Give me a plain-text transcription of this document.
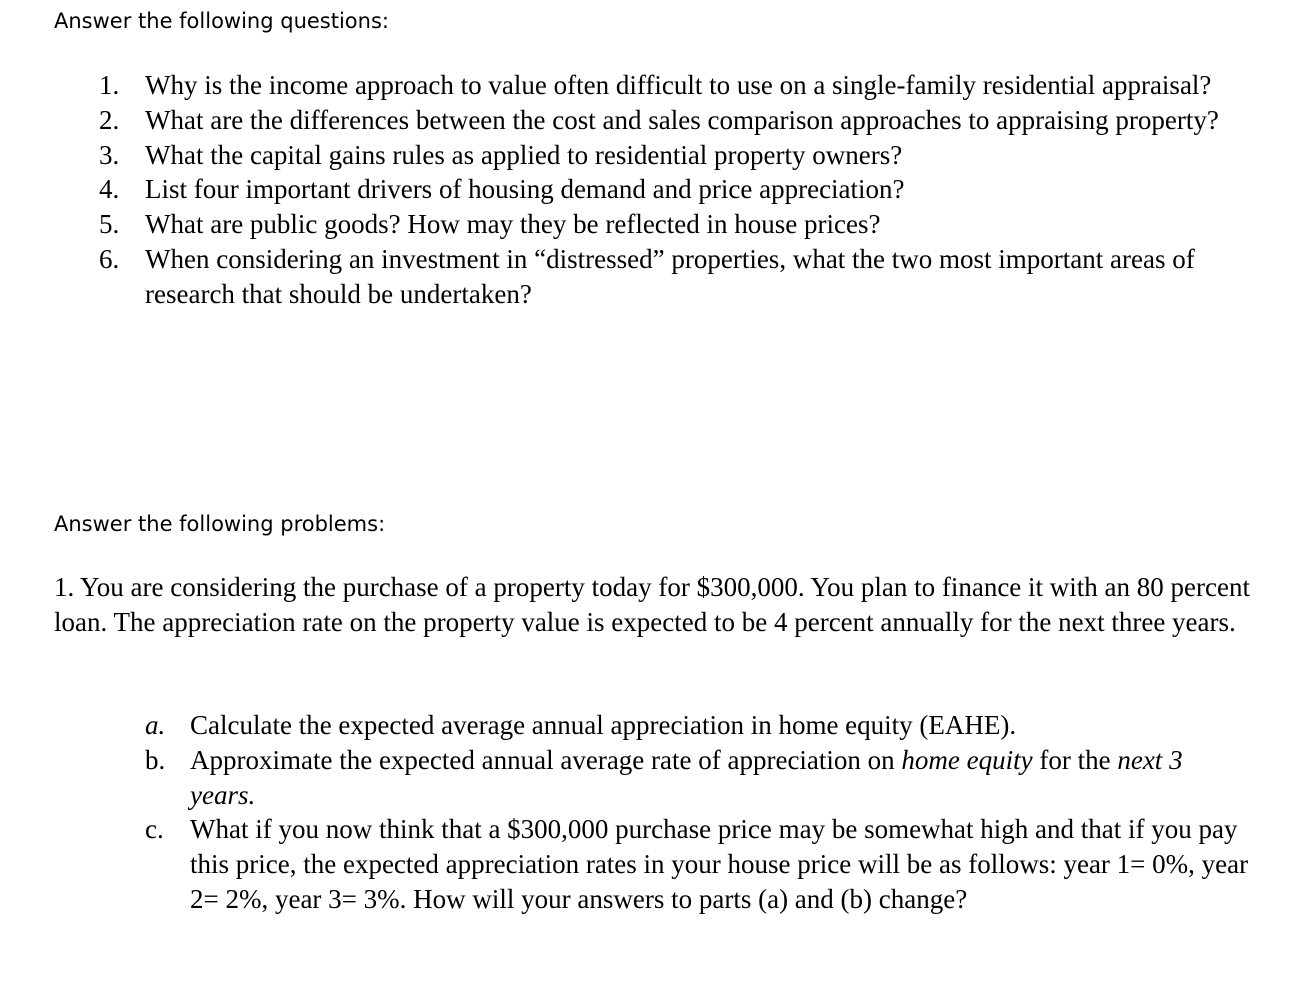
Answer the following questions:
1. Why is the income approach to value often difficult to use on a single-family residential appraisal?
2. What are the differences between the cost and sales comparison approaches to appraising property?
3. What the capital gains rules as applied to residential property owners?
4. List four important drivers of housing demand and price appreciation?
5. What are public goods? How may they be reflected in house prices?
6. When considering an investment in “distressed” properties, what the two most important areas of research that should be undertaken?
Answer the following problems:
1. You are considering the purchase of a property today for $300,000. You plan to finance it with an 80 percent loan. The appreciation rate on the property value is expected to be 4 percent annually for the next three years.
a. Calculate the expected average annual appreciation in home equity (EAHE).
b. Approximate the expected annual average rate of appreciation on home equity for the next 3 years.
c. What if you now think that a $300,000 purchase price may be somewhat high and that if you pay this price, the expected appreciation rates in your house price will be as follows: year 1= 0%, year 2= 2%, year 3= 3%. How will your answers to parts (a) and (b) change?
